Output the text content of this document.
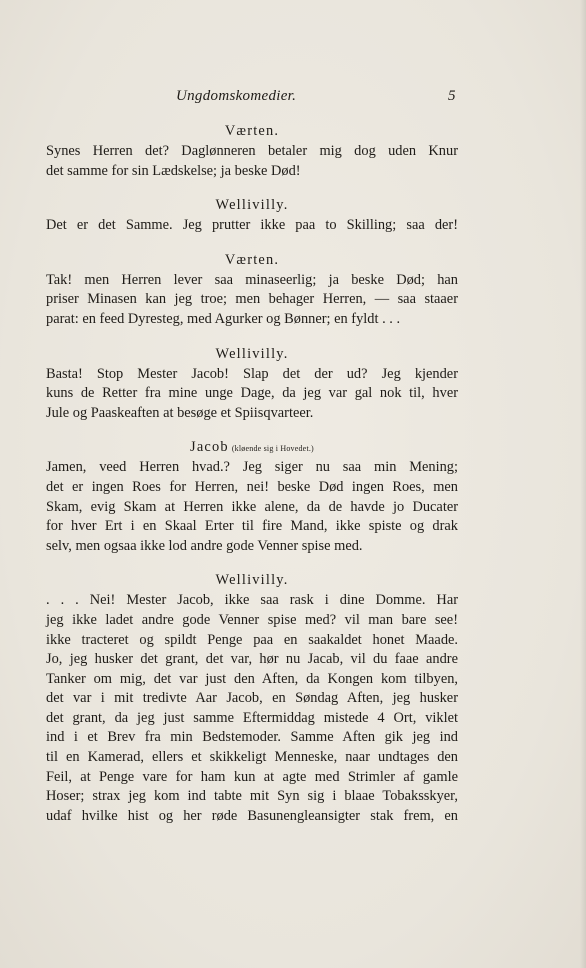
Ungdomskomedier.	5

Værten.

Synes Herren det? Daglønneren betaler mig dog uden Knur
det samme for sin Lædskelse; ja beske Død!

Wellivilly.

Det er det Samme. Jeg prutter ikke paa to Skilling; saa der!

Værten.

Tak! men Herren lever saa minaseerlig; ja beske Død; han
priser Minasen kan jeg troe; men behager Herren, — saa staaer
parat: en feed Dyresteg, med Agurker og Bønner; en fyldt . . .

Wellivilly.

Basta! Stop Mester Jacob! Slap det der ud? Jeg kjender
kuns de Retter fra mine unge Dage, da jeg var gal nok til, hver
Jule og Paaskeaften at besøge et Spiisqvarteer.

Jacob (kløende sig i Hovedet.)

Jamen, veed Herren hvad.? Jeg siger nu saa min Mening;
det er ingen Roes for Herren, nei! beske Død ingen Roes, men
Skam, evig Skam at Herren ikke alene, da de havde jo Ducater
for hver Ert i en Skaal Erter til fire Mand, ikke spiste og drak
selv, men ogsaa ikke lod andre gode Venner spise med.

Wellivilly.

. . . Nei! Mester Jacob, ikke saa rask i dine Domme. Har
jeg ikke ladet andre gode Venner spise med? vil man bare see!
ikke tracteret og spildt Penge paa en saakaldet honet Maade.
Jo, jeg husker det grant, det var, hør nu Jacab, vil du faae andre
Tanker om mig, det var just den Aften, da Kongen kom tilbyen,
det var i mit tredivte Aar Jacob, en Søndag Aften, jeg husker
det grant, da jeg just samme Eftermiddag mistede 4 Ort, viklet
ind i et Brev fra min Bedstemoder. Samme Aften gik jeg ind
til en Kamerad, ellers et skikkeligt Menneske, naar undtages den
Feil, at Penge vare for ham kun at agte med Strimler af gamle
Hoser; strax jeg kom ind tabte mit Syn sig i blaae Tobaksskyer,
udaf hvilke hist og her røde Basunengleansigter stak frem, en
